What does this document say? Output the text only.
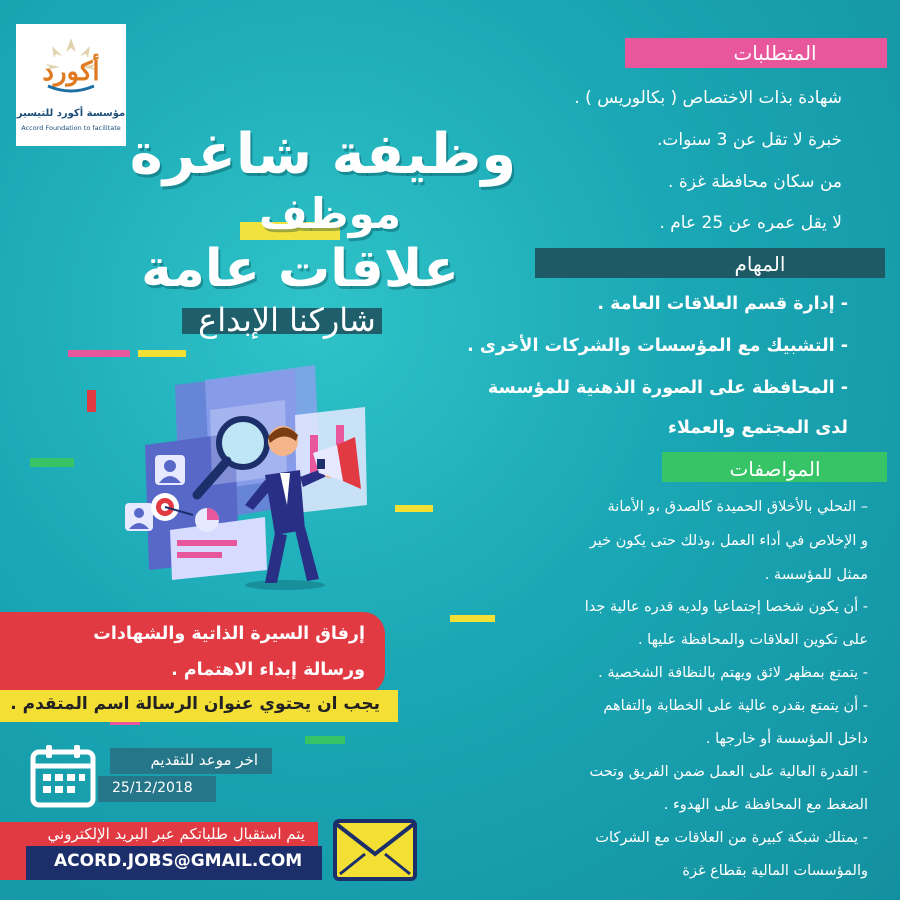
أكورد
مؤسسة أكورد للتيسير
Accord Foundation to facilitate وظيفة شاغرة
موظف
علاقات عامة
شاركنا الإبداع
المتطلبات
شهادة بذات الاختصاص ( بكالوريس ) .
خبرة لا تقل عن 3 سنوات.
من سكان محافظة غزة .
لا يقل عمره عن 25 عام .
المهام
- إدارة قسم العلاقات العامة .
- التشبيك مع المؤسسات والشركات الأخرى .
- المحافظة على الصورة الذهنية للمؤسسة
لدى المجتمع والعملاء
المواصفات
– التحلي بالأخلاق الحميدة كالصدق ،و الأمانة
و الإخلاص في أداء العمل ،وذلك حتى يكون خير
ممثل للمؤسسة .
- أن يكون شخصا إجتماعيا ولديه قدره عالية جدا
على تكوين العلاقات والمحافظة عليها .
- يتمتع بمظهر لائق ويهتم بالنظافة الشخصية .
- أن يتمتع بقدره عالية على الخطابة والتفاهم
داخل المؤسسة أو خارجها .
- القدرة العالية على العمل ضمن الفريق وتحت
الضغط مع المحافظة على الهدوء .
- يمتلك شبكة كبيرة من العلاقات مع الشركات
والمؤسسات المالية بقطاع غزة
إرفاق السيرة الذاتية والشهادات
ورسالة إبداء الاهتمام .
يجب ان يحتوي عنوان الرسالة اسم المتقدم .
اخر موعد للتقديم
25/12/2018
يتم استقبال طلباتكم عبر البريد الإلكتروني
ACORD.JOBS@GMAIL.COM
